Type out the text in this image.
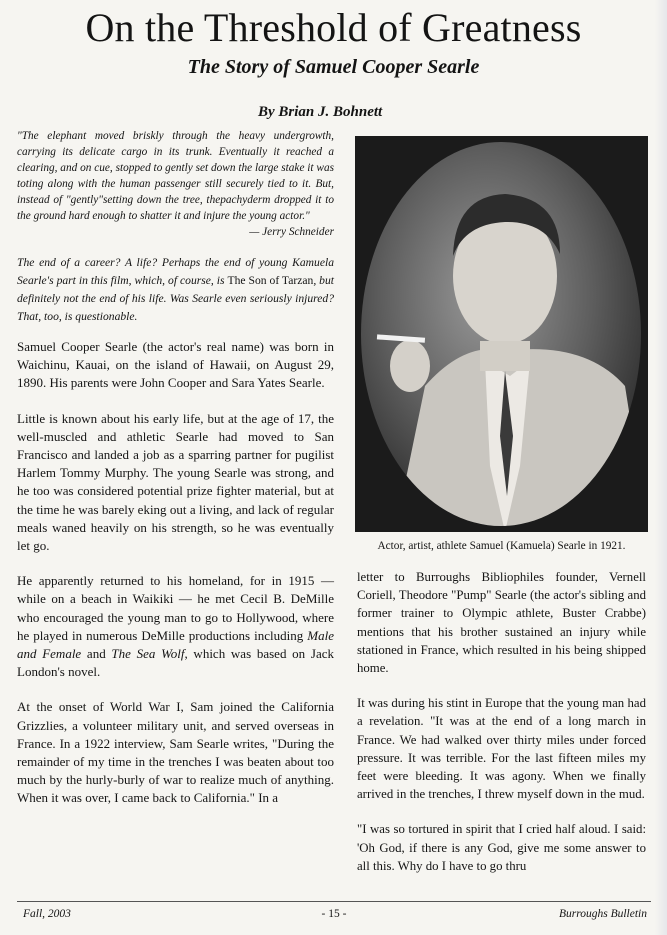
On the Threshold of Greatness
The Story of Samuel Cooper Searle

By Brian J. Bohnett

"The elephant moved briskly through the heavy undergrowth, carrying its delicate cargo in its trunk. Eventually it reached a clearing, and on cue, stopped to gently set down the large stake it was toting along with the human passenger still securely tied to it. But, instead of "gently"setting down the tree, thepachyderm dropped it to the ground hard enough to shatter it and injure the young actor."

— Jerry Schneider

The end of a career? A life? Perhaps the end of young Kamuela Searle's part in this film, which, of course, is The Son of Tarzan, but definitely not the end of his life. Was Searle even seriously injured? That, too, is questionable.

Samuel Cooper Searle (the actor's real name) was born in Waichinu, Kauai, on the island of Hawaii, on August 29, 1890. His parents were John Cooper and Sara Yates Searle.

Little is known about his early life, but at the age of 17, the well-muscled and athletic Searle had moved to San Francisco and landed a job as a sparring partner for pugilist Harlem Tommy Murphy. The young Searle was strong, and he too was considered potential prize fighter material, but at the time he was barely eking out a living, and lack of regular meals waned heavily on his strength, so he was eventually let go.

He apparently returned to his homeland, for in 1915 — while on a beach in Waikiki — he met Cecil B. DeMille who encouraged the young man to go to Hollywood, where he played in numerous DeMille productions including Male and Female and The Sea Wolf, which was based on Jack London's novel.

At the onset of World War I, Sam joined the California Grizzlies, a volunteer military unit, and served overseas in France. In a 1922 interview, Sam Searle writes, "During the remainder of my time in the trenches I was beaten about too much by the hurly-burly of war to realize much of anything. When it was over, I came back to California." In a

Actor, artist, athlete Samuel (Kamuela) Searle in 1921.

letter to Burroughs Bibliophiles founder, Vernell Coriell, Theodore "Pump" Searle (the actor's sibling and former trainer to Olympic athlete, Buster Crabbe) mentions that his brother sustained an injury while stationed in France, which resulted in his being shipped home.

It was during his stint in Europe that the young man had a revelation. "It was at the end of a long march in France. We had walked over thirty miles under forced pressure. It was terrible. For the last fifteen miles my feet were bleeding. It was agony. When we finally arrived in the trenches, I threw myself down in the mud.

"I was so tortured in spirit that I cried half aloud. I said: 'Oh God, if there is any God, give me some answer to all this. Why do I have to go thru

Fall, 2003	- 15 -	Burroughs Bulletin
